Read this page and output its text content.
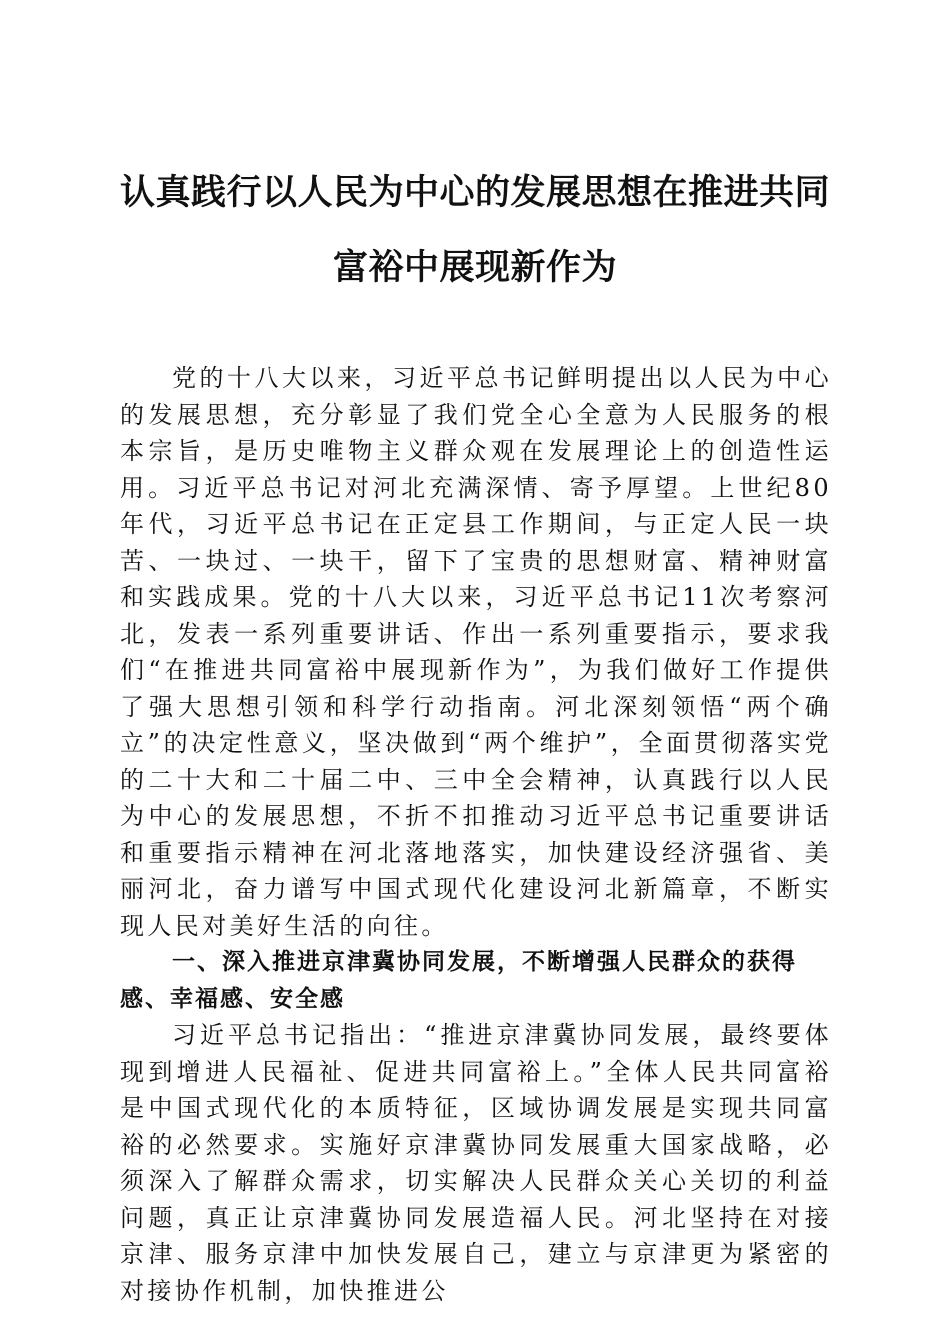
认真践行以人民为中心的发展思想在推进共同
富裕中展现新作为

党的十八大以来，习近平总书记鲜明提出以人民为中心的发展思想，充分彰显了我们党全心全意为人民服务的根本宗旨，是历史唯物主义群众观在发展理论上的创造性运用。习近平总书记对河北充满深情、寄予厚望。上世纪80年代，习近平总书记在正定县工作期间，与正定人民一块苦、一块过、一块干，留下了宝贵的思想财富、精神财富和实践成果。党的十八大以来，习近平总书记11次考察河北，发表一系列重要讲话、作出一系列重要指示，要求我们“在推进共同富裕中展现新作为”，为我们做好工作提供了强大思想引领和科学行动指南。河北深刻领悟“两个确立”的决定性意义，坚决做到“两个维护”，全面贯彻落实党的二十大和二十届二中、三中全会精神，认真践行以人民为中心的发展思想，不折不扣推动习近平总书记重要讲话和重要指示精神在河北落地落实，加快建设经济强省、美丽河北，奋力谱写中国式现代化建设河北新篇章，不断实现人民对美好生活的向往。

一、深入推进京津冀协同发展，不断增强人民群众的获得感、幸福感、安全感

习近平总书记指出：“推进京津冀协同发展，最终要体现到增进人民福祉、促进共同富裕上。”全体人民共同富裕是中国式现代化的本质特征，区域协调发展是实现共同富裕的必然要求。实施好京津冀协同发展重大国家战略，必须深入了解群众需求，切实解决人民群众关心关切的利益问题，真正让京津冀协同发展造福人民。河北坚持在对接京津、服务京津中加快发展自己，建立与京津更为紧密的对接协作机制，加快推进公
